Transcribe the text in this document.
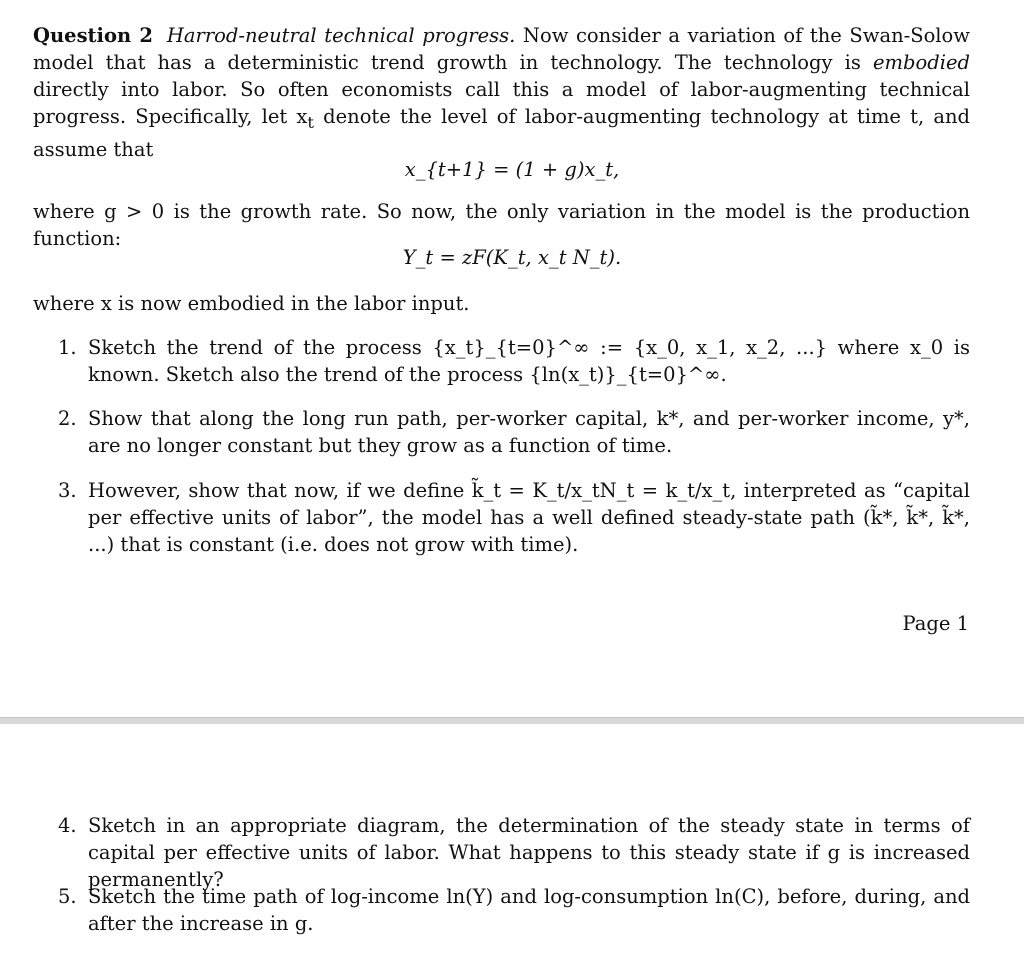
Question 2 Harrod-neutral technical progress. Now consider a variation of the Swan-Solow model that has a deterministic trend growth in technology. The technology is embodied directly into labor. So often economists call this a model of labor-augmenting technical progress. Specifically, let $x_t$ denote the level of labor-augmenting technology at time t, and assume that
x_{t+1} = (1 + g)x_t,
where g > 0 is the growth rate. So now, the only variation in the model is the production function:
Y_t = zF(K_t, x_t N_t).
where x is now embodied in the labor input.
1. Sketch the trend of the process {x_t}_{t=0}^∞ := {x_0, x_1, x_2, ...} where x_0 is known. Sketch also the trend of the process {ln(x_t)}_{t=0}^∞.
2. Show that along the long run path, per-worker capital, k*, and per-worker income, y*, are no longer constant but they grow as a function of time.
3. However, show that now, if we define k̃_t = K_t/x_tN_t = k_t/x_t, interpreted as “capital per effective units of labor”, the model has a well defined steady-state path (k̃*, k̃*, k̃*, ...) that is constant (i.e. does not grow with time).
Page 1
4. Sketch in an appropriate diagram, the determination of the steady state in terms of capital per effective units of labor. What happens to this steady state if g is increased permanently?
5. Sketch the time path of log-income ln(Y) and log-consumption ln(C), before, during, and after the increase in g.
